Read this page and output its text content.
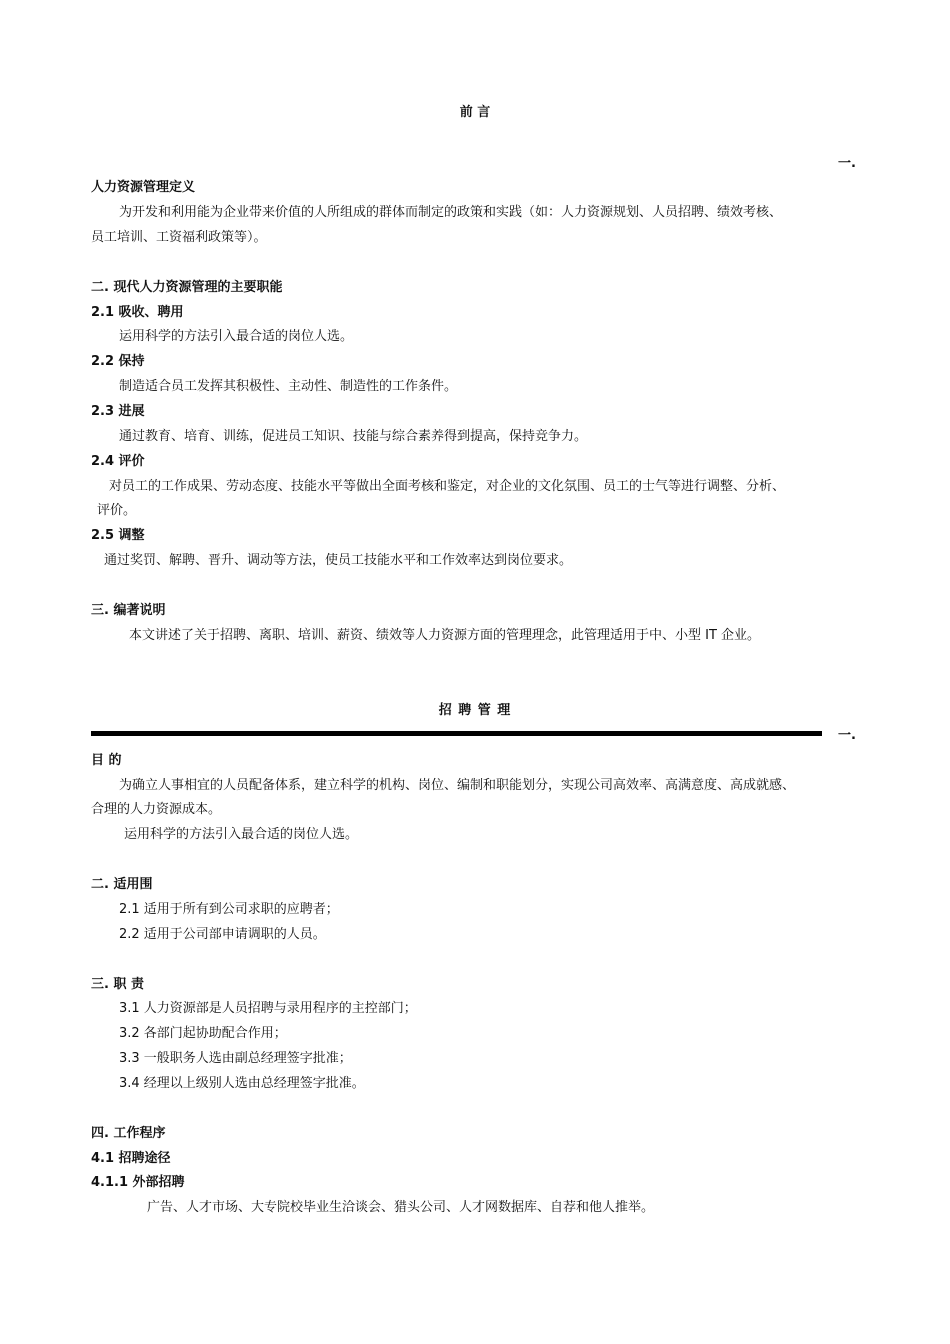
前 言
一.
人力资源管理定义
为开发和利用能为企业带来价值的人所组成的群体而制定的政策和实践（如：人力资源规划、人员招聘、绩效考核、
员工培训、工资福利政策等）。
二. 现代人力资源管理的主要职能
2.1 吸收、聘用
运用科学的方法引入最合适的岗位人选。
2.2 保持
制造适合员工发挥其积极性、主动性、制造性的工作条件。
2.3 进展
通过教育、培育、训练，促进员工知识、技能与综合素养得到提高，保持竞争力。
2.4 评价
对员工的工作成果、劳动态度、技能水平等做出全面考核和鉴定，对企业的文化氛围、员工的士气等进行调整、分析、
评价。
2.5 调整
通过奖罚、解聘、晋升、调动等方法，使员工技能水平和工作效率达到岗位要求。
三. 编著说明
本文讲述了关于招聘、离职、培训、薪资、绩效等人力资源方面的管理理念，此管理适用于中、小型 IT 企业。
招 聘 管 理
一.
目 的
为确立人事相宜的人员配备体系，建立科学的机构、岗位、编制和职能划分，实现公司高效率、高满意度、高成就感、
合理的人力资源成本。
运用科学的方法引入最合适的岗位人选。
二. 适用围
2.1 适用于所有到公司求职的应聘者；
2.2 适用于公司部申请调职的人员。
三. 职 责
3.1 人力资源部是人员招聘与录用程序的主控部门；
3.2 各部门起协助配合作用；
3.3 一般职务人选由副总经理签字批准；
3.4 经理以上级别人选由总经理签字批准。
四. 工作程序
4.1 招聘途径
4.1.1 外部招聘
广告、人才市场、大专院校毕业生洽谈会、猎头公司、人才网数据库、自荐和他人推举。
